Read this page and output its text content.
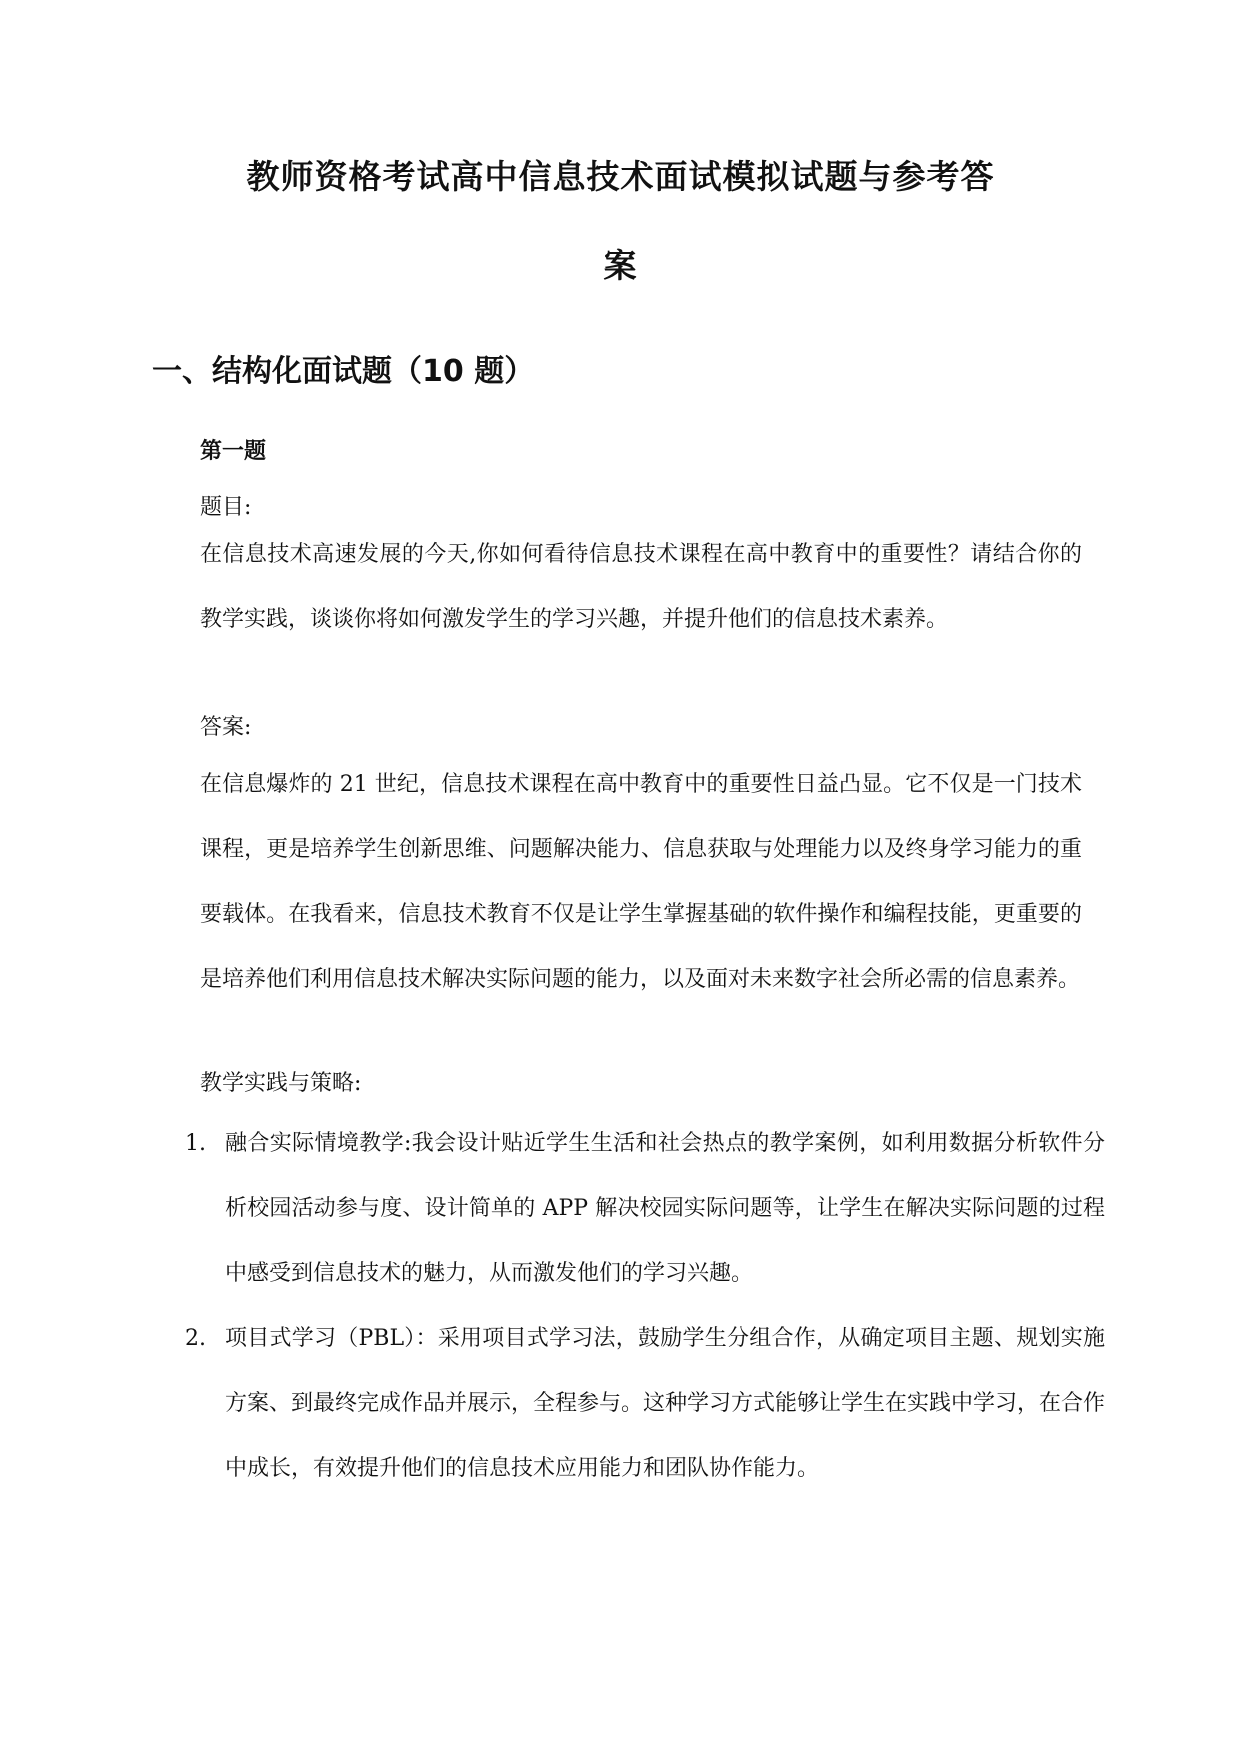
教师资格考试高中信息技术面试模拟试题与参考答
案
一、结构化面试题（10 题）
第一题

题目:

在信息技术高速发展的今天,你如何看待信息技术课程在高中教育中的重要性？请结合你的教学实践，谈谈你将如何激发学生的学习兴趣，并提升他们的信息技术素养。

答案:

在信息爆炸的 21 世纪，信息技术课程在高中教育中的重要性日益凸显。它不仅是一门技术课程，更是培养学生创新思维、问题解决能力、信息获取与处理能力以及终身学习能力的重要载体。在我看来，信息技术教育不仅是让学生掌握基础的软件操作和编程技能，更重要的是培养他们利用信息技术解决实际问题的能力，以及面对未来数字社会所必需的信息素养。

教学实践与策略:

1. 融合实际情境教学:我会设计贴近学生生活和社会热点的教学案例，如利用数据分析软件分析校园活动参与度、设计简单的 APP 解决校园实际问题等，让学生在解决实际问题的过程中感受到信息技术的魅力，从而激发他们的学习兴趣。
2. 项目式学习（PBL）：采用项目式学习法，鼓励学生分组合作，从确定项目主题、规划实施方案、到最终完成作品并展示，全程参与。这种学习方式能够让学生在实践中学习，在合作中成长，有效提升他们的信息技术应用能力和团队协作能力。
